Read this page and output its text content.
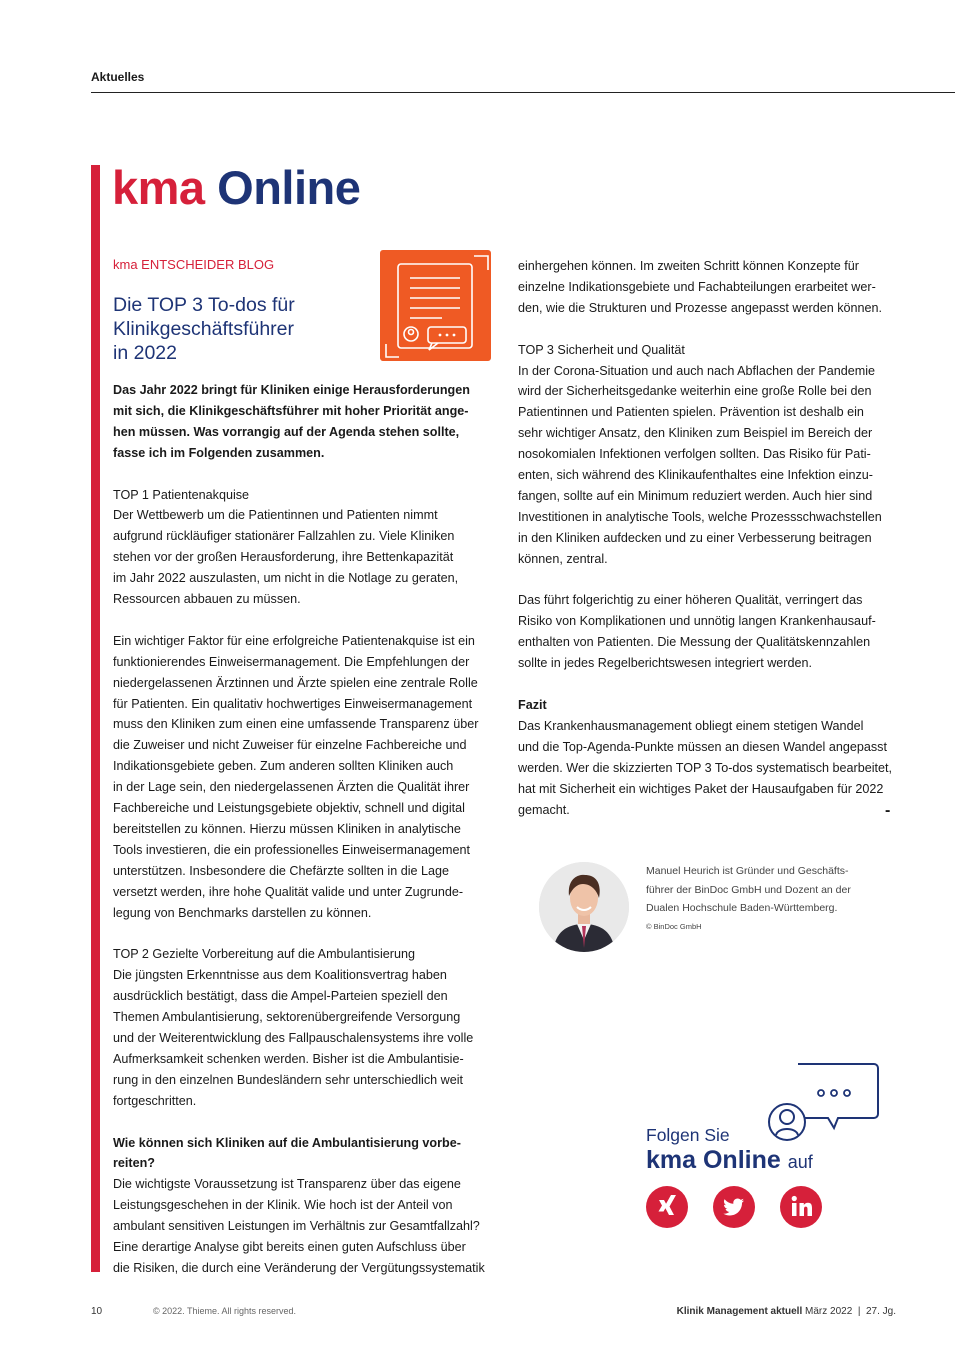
Aktuelles
kma Online
kma ENTSCHEIDER BLOG
Die TOP 3 To-dos für
Klinikgeschäftsführer
in 2022

Das Jahr 2022 bringt für Kliniken einige Herausforderungen
mit sich, die Klinikgeschäftsführer mit hoher Priorität ange-
hen müssen. Was vorrangig auf der Agenda stehen sollte,
fasse ich im Folgenden zusammen.

TOP 1 Patientenakquise
Der Wettbewerb um die Patientinnen und Patienten nimmt
aufgrund rückläufiger stationärer Fallzahlen zu. Viele Kliniken
stehen vor der großen Herausforderung, ihre Bettenkapazität
im Jahr 2022 auszulasten, um nicht in die Notlage zu geraten,
Ressourcen abbauen zu müssen.

Ein wichtiger Faktor für eine erfolgreiche Patientenakquise ist ein
funktionierendes Einweisermanagement. Die Empfehlungen der
niedergelassenen Ärztinnen und Ärzte spielen eine zentrale Rolle
für Patienten. Ein qualitativ hochwertiges Einweisermanagement
muss den Kliniken zum einen eine umfassende Transparenz über
die Zuweiser und nicht Zuweiser für einzelne Fachbereiche und
Indikationsgebiete geben. Zum anderen sollten Kliniken auch
in der Lage sein, den niedergelassenen Ärzten die Qualität ihrer
Fachbereiche und Leistungsgebiete objektiv, schnell und digital
bereitstellen zu können. Hierzu müssen Kliniken in analytische
Tools investieren, die ein professionelles Einweisermanagement
unterstützen. Insbesondere die Chefärzte sollten in die Lage
versetzt werden, ihre hohe Qualität valide und unter Zugrunde-
legung von Benchmarks darstellen zu können.

TOP 2 Gezielte Vorbereitung auf die Ambulantisierung
Die jüngsten Erkenntnisse aus dem Koalitionsvertrag haben
ausdrücklich bestätigt, dass die Ampel-Parteien speziell den
Themen Ambulantisierung, sektorenübergreifende Versorgung
und der Weiterentwicklung des Fallpauschalensystems ihre volle
Aufmerksamkeit schenken werden. Bisher ist die Ambulantisie-
rung in den einzelnen Bundesländern sehr unterschiedlich weit
fortgeschritten.

Wie können sich Kliniken auf die Ambulantisierung vorbe-
reiten?
Die wichtigste Voraussetzung ist Transparenz über das eigene
Leistungsgeschehen in der Klinik. Wie hoch ist der Anteil von
ambulant sensitiven Leistungen im Verhältnis zur Gesamtfallzahl?
Eine derartige Analyse gibt bereits einen guten Aufschluss über
die Risiken, die durch eine Veränderung der Vergütungssystematik

einhergehen können. Im zweiten Schritt können Konzepte für
einzelne Indikationsgebiete und Fachabteilungen erarbeitet wer-
den, wie die Strukturen und Prozesse angepasst werden können.

TOP 3 Sicherheit und Qualität
In der Corona-Situation und auch nach Abflachen der Pandemie
wird der Sicherheitsgedanke weiterhin eine große Rolle bei den
Patientinnen und Patienten spielen. Prävention ist deshalb ein
sehr wichtiger Ansatz, den Kliniken zum Beispiel im Bereich der
nosokomialen Infektionen verfolgen sollten. Das Risiko für Pati-
enten, sich während des Klinikaufenthaltes eine Infektion einzu-
fangen, sollte auf ein Minimum reduziert werden. Auch hier sind
Investitionen in analytische Tools, welche Prozessschwachstellen
in den Kliniken aufdecken und zu einer Verbesserung beitragen
können, zentral.

Das führt folgerichtig zu einer höheren Qualität, verringert das
Risiko von Komplikationen und unnötig langen Krankenhausauf-
enthalten von Patienten. Die Messung der Qualitätskennzahlen
sollte in jedes Regelberichtswesen integriert werden.

Fazit
Das Krankenhausmanagement obliegt einem stetigen Wandel
und die Top-Agenda-Punkte müssen an diesen Wandel angepasst
werden. Wer die skizzierten TOP 3 To-dos systematisch bearbeitet,
hat mit Sicherheit ein wichtiges Paket der Hausaufgaben für 2022
gemacht.	-
Manuel Heurich ist Gründer und Geschäfts-
führer der BinDoc GmbH und Dozent an der
Dualen Hochschule Baden-Württemberg.
© BinDoc GmbH
Folgen Sie
kma Online auf
10	© 2022. Thieme. All rights reserved.	Klinik Management aktuell März 2022  |  27. Jg.
